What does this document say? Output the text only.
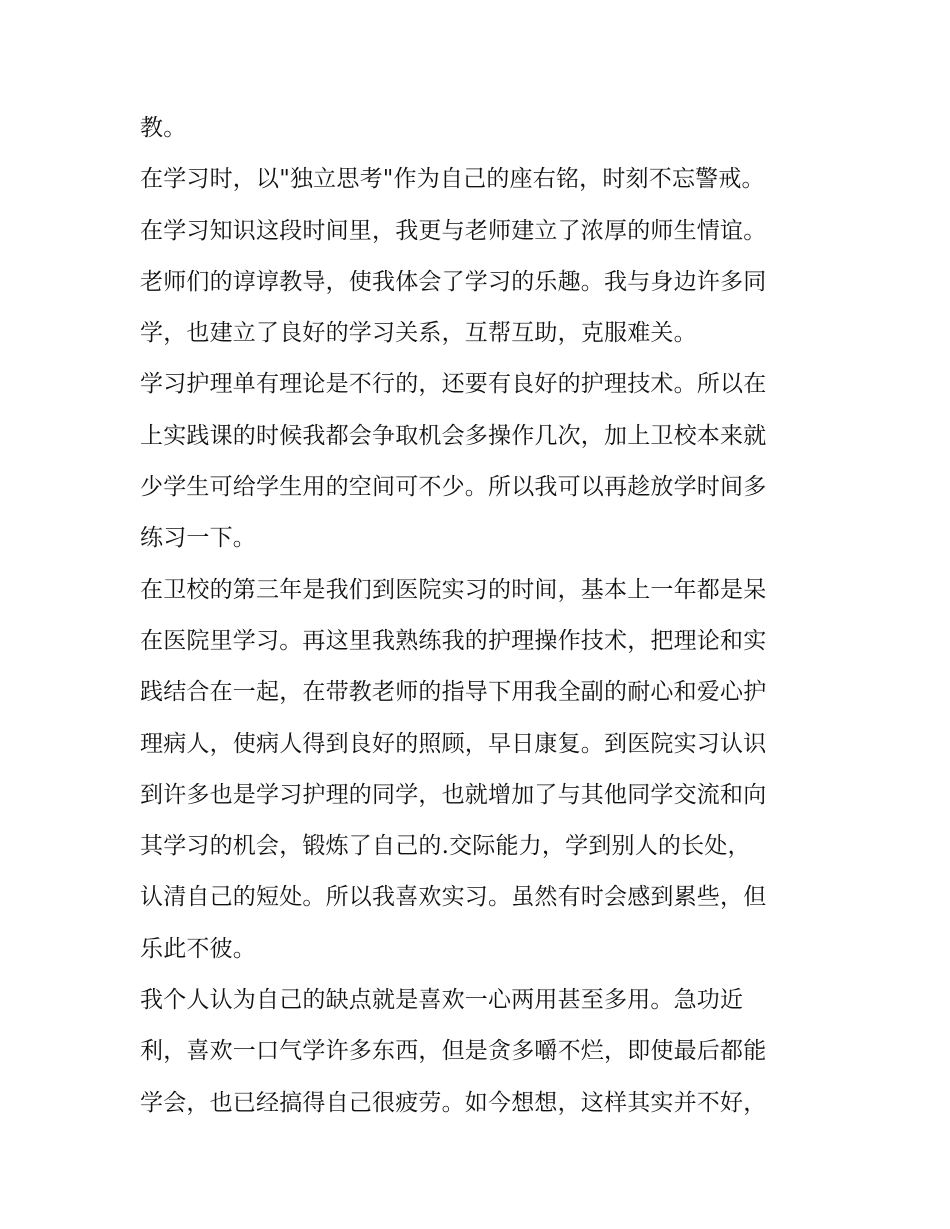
教。
在学习时，以"独立思考"作为自己的座右铭，时刻不忘警戒。
在学习知识这段时间里，我更与老师建立了浓厚的师生情谊。
老师们的谆谆教导，使我体会了学习的乐趣。我与身边许多同
学，也建立了良好的学习关系，互帮互助，克服难关。
学习护理单有理论是不行的，还要有良好的护理技术。所以在
上实践课的时候我都会争取机会多操作几次，加上卫校本来就
少学生可给学生用的空间可不少。所以我可以再趁放学时间多
练习一下。
在卫校的第三年是我们到医院实习的时间，基本上一年都是呆
在医院里学习。再这里我熟练我的护理操作技术，把理论和实
践结合在一起，在带教老师的指导下用我全副的耐心和爱心护
理病人，使病人得到良好的照顾，早日康复。到医院实习认识
到许多也是学习护理的同学，也就增加了与其他同学交流和向
其学习的机会，锻炼了自己的.交际能力，学到别人的长处，
认清自己的短处。所以我喜欢实习。虽然有时会感到累些，但
乐此不彼。
我个人认为自己的缺点就是喜欢一心两用甚至多用。急功近
利，喜欢一口气学许多东西，但是贪多嚼不烂，即使最后都能
学会，也已经搞得自己很疲劳。如今想想，这样其实并不好，
